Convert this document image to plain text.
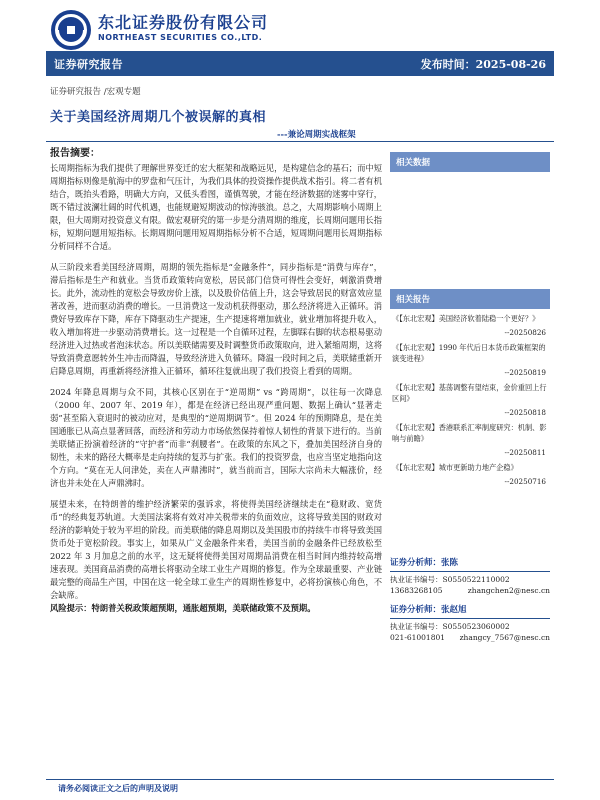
东北证券股份有限公司
NORTHEAST SECURITIES CO.,LTD.
证券研究报告	发布时间：2025-08-26
证券研究报告 /宏观专题
关于美国经济周期几个被误解的真相
---兼论周期实战框架
报告摘要：

长周期指标为我们提供了理解世界变迁的宏大框架和战略远见，是构建信念的基石；而中短周期指标则像是航海中的罗盘和气压计，为我们具体的投资操作提供战术指引。将二者有机结合，既抬头看路，明确大方向，又低头看图，谨慎驾驶，才能在经济数据的迷雾中穿行，既不错过波澜壮阔的时代机遇，也能规避短期波动的惊涛骇浪。总之，大周期影响小周期上限，但大周期对投资意义有限。做宏观研究的第一步是分清周期的维度，长周期问题用长指标，短期问题用短指标。长期周期问题用短周期指标分析不合适，短周期问题用长周期指标分析同样不合适。

从三阶段来看美国经济周期，周期的领先指标是“金融条件”，同步指标是“消费与库存”，滞后指标是生产和就业。当货币政策转向宽松，居民部门信贷可得性会变好，刺激消费增长。此外，流动性的宽松会导致房价上涨，以及股价估值上升，这会导致居民的财富效应显著改善，进而驱动消费的增长。一旦消费这一发动机获得驱动，那么经济将进入正循环。消费好导致库存下降，库存下降驱动生产提速，生产提速将增加就业，就业增加将提升收入，收入增加将进一步驱动消费增长。这一过程是一个自循环过程，左脚踩右脚的状态根易驱动经济进入过热或者泡沫状态。所以美联储需要及时调整货币政策取向，进入紧缩周期，这将导致消费意愿转外生冲击而降温，导致经济进入负循环。降温一段时间之后，美联储重新开启降息周期，再重新将经济推入正循环，循环往复就出现了我们投资上看到的周期。

2024 年降息周期与众不同，其核心区别在于“逆周期” vs “跨周期”，以往每一次降息（2000 年、2007 年、2019 年），都是在经济已经出现严重问题、数据上确认“显著走弱”甚至陷入衰退时的被动应对，是典型的“逆周期调节”。但 2024 年的预期降息，是在美国通胀已从高点显著回落，而经济和劳动力市场依然保持着惊人韧性的背景下进行的。当前美联储正扮演着经济的“守护者”而非“刹腰者”。在政策的东风之下，叠加美国经济自身的韧性，未来的路径大概率是走向持续的复苏与扩张。我们的投资罗盘，也应当坚定地指向这个方向。“莫在无人问津处，卖在人声鼎沸时”，就当前而言，国际大宗尚未大幅涨价，经济也并未处在人声鼎沸时。

展望未来，在特朗普的维护经济繁荣的强诉求，将使得美国经济继续走在“稳财政、宽货币”的经典复苏轨道。大美国法案将有效对冲关税带来的负面效应，这将导致美国的财政对经济的影响处于较为平坦的阶段。而美联储的降息周期以及美国股市的持续牛市将导致美国货币处于宽松阶段。事实上，如果从广义金融条件来看，美国当前的金融条件已经放松至 2022 年 3 月加息之前的水平，这无疑将使得美国对周期品消费在相当时间内维持较高增速表现。美国商品消费的高增长将驱动全球工业生产周期的修复。作为全球最重要、产业链最完整的商品生产国，中国在这一轮全球工业生产的周期性修复中，必将扮演核心角色，不会缺席。

风险提示：特朗普关税政策超预期，通胀超预期，美联储政策不及预期。

相关数据
相关报告
《【东北宏观】美国经济软着陆稳一个更好？》
--20250826
《【东北宏观】1990 年代后日本货币政策框架的演变进程》
--20250819
《【东北宏观】基荡调整有望结束，金价重回上行区间》
--20250818
《【东北宏观】香港联系汇率制度研究：机制、影响与前瞻》
--20250811
《【东北宏观】城市更新助力地产企稳》
--20250716
证券分析师：张陈
执业证书编号：S0550522110002
13683268105	zhangchen2@nesc.cn
证券分析师：张赵旭
执业证书编号：S0550523060002
021-61001801 zhangcy_7567@nesc.cn
请务必阅读正文之后的声明及说明
